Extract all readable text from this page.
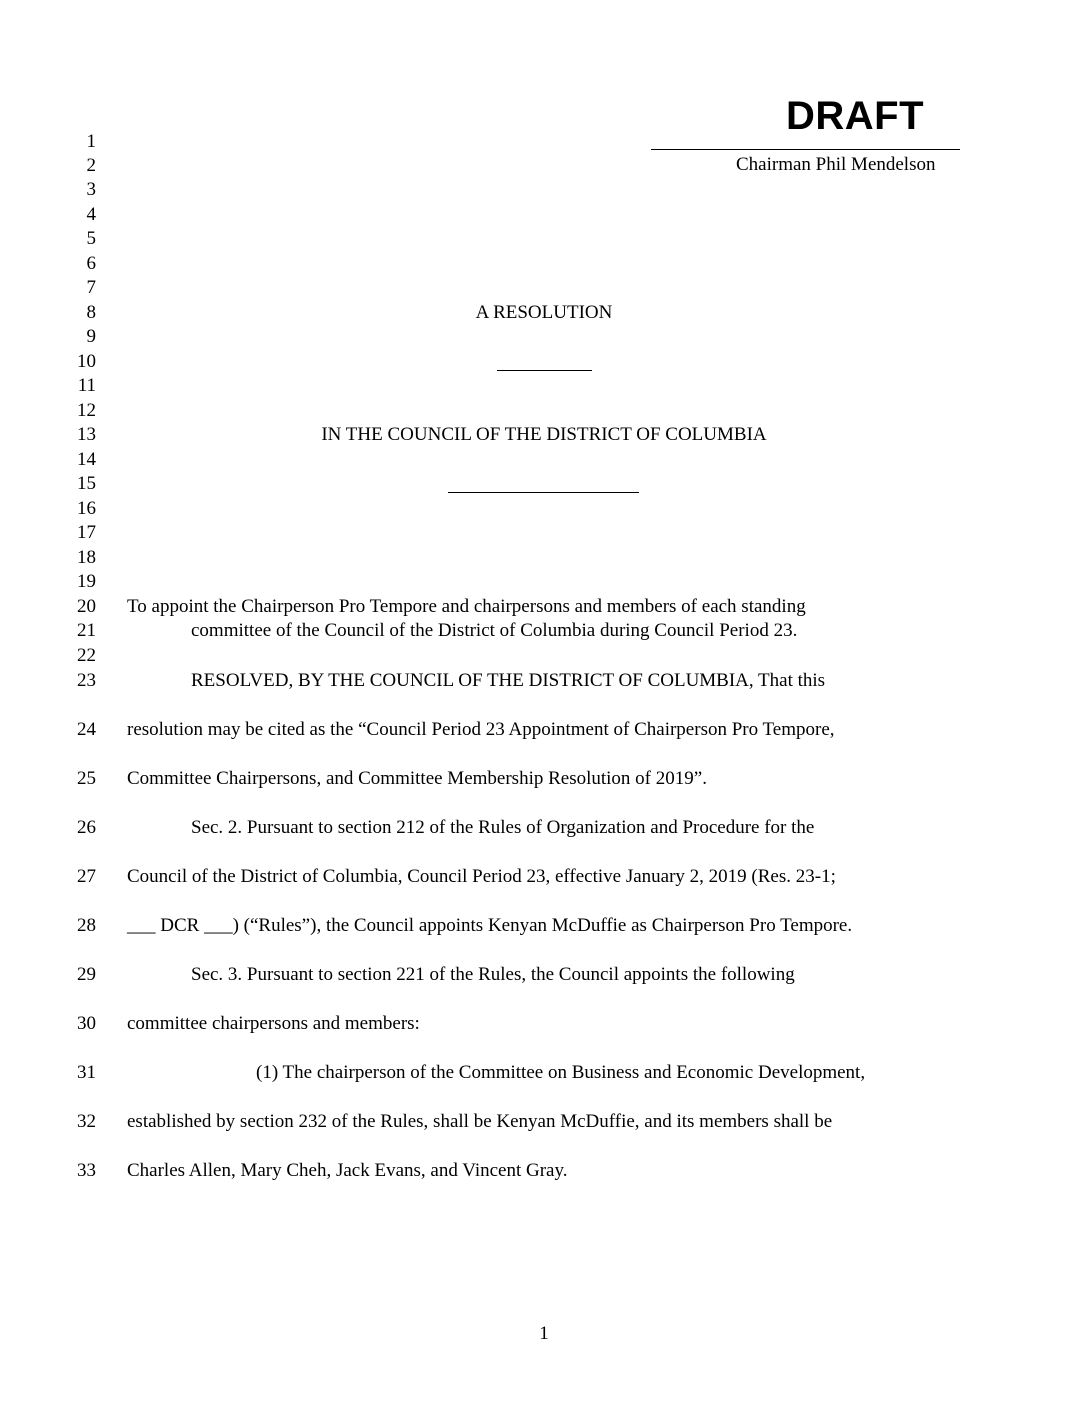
DRAFT
Chairman Phil Mendelson
1
2
3
4
5
6
7
8
9
10
11
12
13
14
15
16
17
18
19
20
21
22
23
24
25
26
27
28
29
30
31
32
33
A RESOLUTION
IN THE COUNCIL OF THE DISTRICT OF COLUMBIA
To appoint the Chairperson Pro Tempore and chairpersons and members of each standing
committee of the Council of the District of Columbia during Council Period 23.
RESOLVED, BY THE COUNCIL OF THE DISTRICT OF COLUMBIA, That this
resolution may be cited as the “Council Period 23 Appointment of Chairperson Pro Tempore,
Committee Chairpersons, and Committee Membership Resolution of 2019”.
Sec. 2. Pursuant to section 212 of the Rules of Organization and Procedure for the
Council of the District of Columbia, Council Period 23, effective January 2, 2019 (Res. 23-1;
___ DCR ___) (“Rules”), the Council appoints Kenyan McDuffie as Chairperson Pro Tempore.
Sec. 3. Pursuant to section 221 of the Rules, the Council appoints the following
committee chairpersons and members:
(1) The chairperson of the Committee on Business and Economic Development,
established by section 232 of the Rules, shall be Kenyan McDuffie, and its members shall be
Charles Allen, Mary Cheh, Jack Evans, and Vincent Gray.
1
